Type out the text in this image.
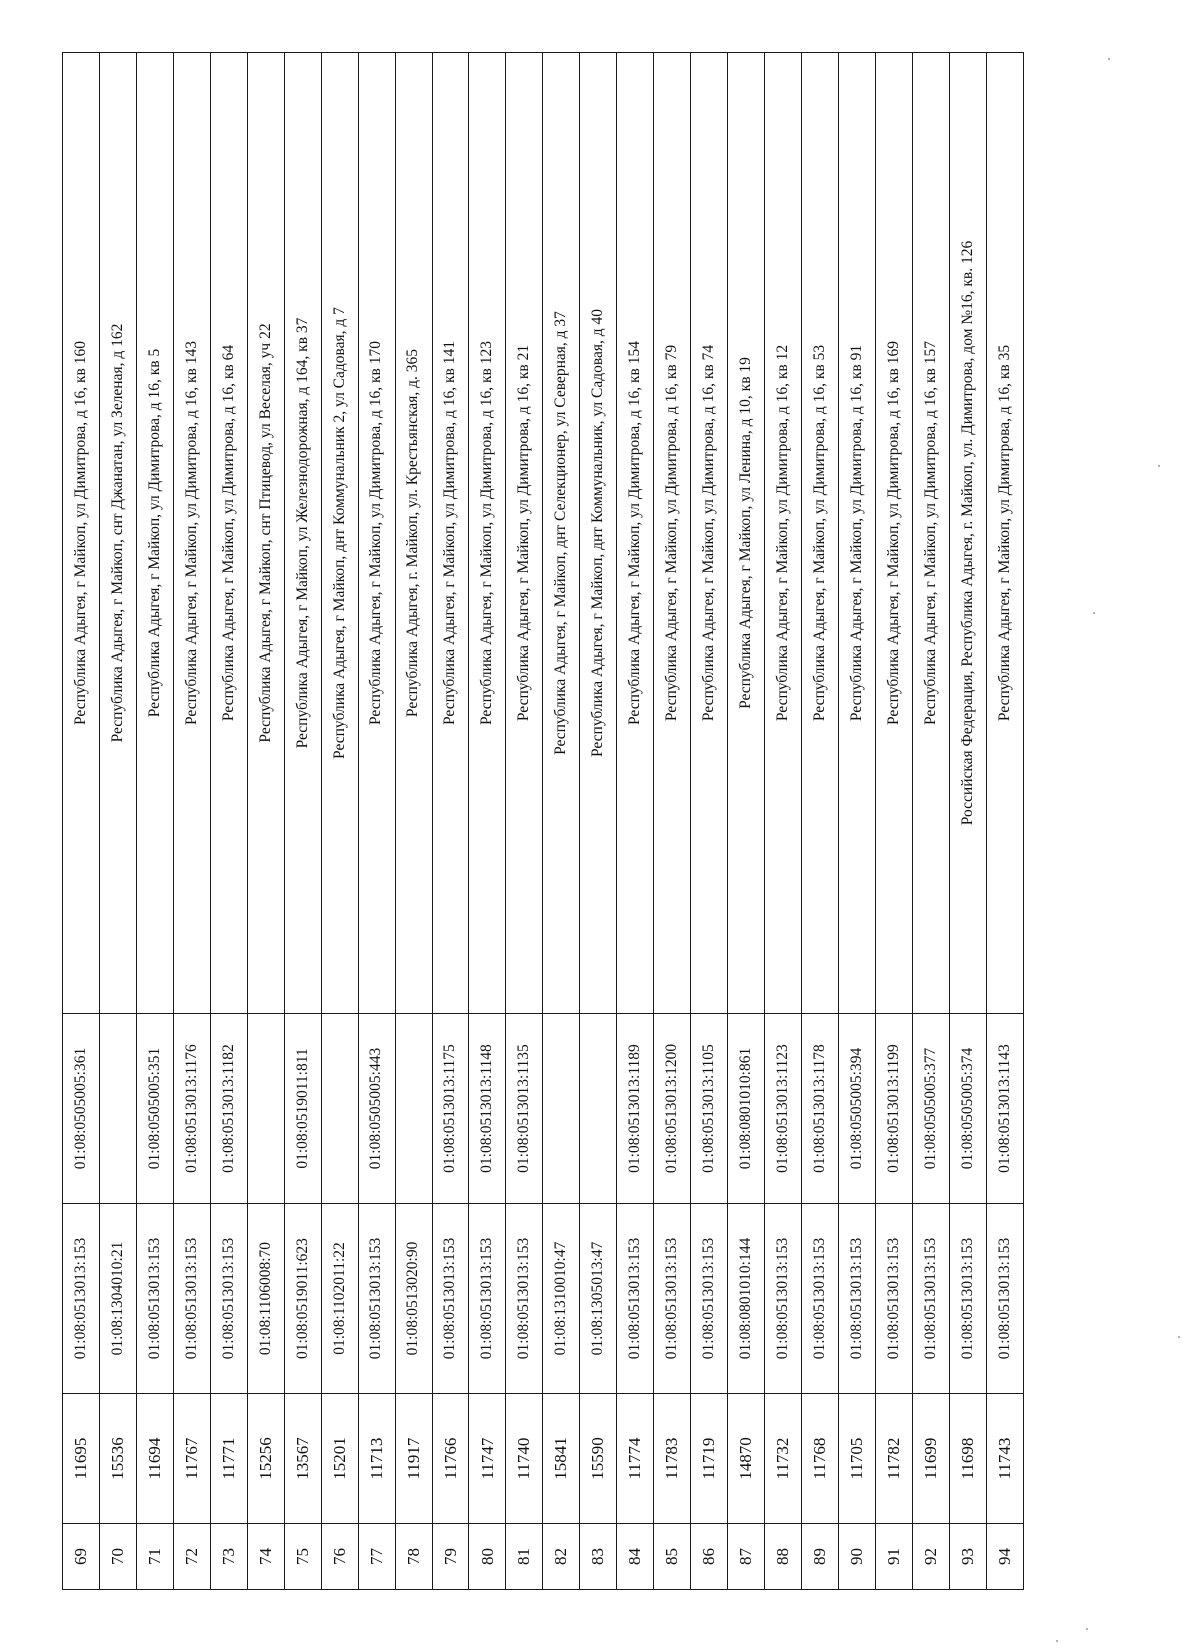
69	11695	01:08:0513013:153	01:08:0505005:361	Республика Адыгея, г Майкоп, ул Димитрова, д 16, кв 160
70	15536	01:08:1304010:21		Республика Адыгея, г Майкоп, снт Джанатан, ул Зеленая, д 162
71	11694	01:08:0513013:153	01:08:0505005:351	Республика Адыгея, г Майкоп, ул Димитрова, д 16, кв 5
72	11767	01:08:0513013:153	01:08:0513013:1176	Республика Адыгея, г Майкоп, ул Димитрова, д 16, кв 143
73	11771	01:08:0513013:153	01:08:0513013:1182	Республика Адыгея, г Майкоп, ул Димитрова, д 16, кв 64
74	15256	01:08:1106008:70		Республика Адыгея, г Майкоп, снт Птицевод, ул Веселая, уч 22
75	13567	01:08:0519011:623	01:08:0519011:811	Республика Адыгея, г Майкоп, ул Железнодорожная, д 164, кв 37
76	15201	01:08:1102011:22		Республика Адыгея, г Майкоп, днт Коммунальник 2, ул Садовая, д 7
77	11713	01:08:0513013:153	01:08:0505005:443	Республика Адыгея, г Майкоп, ул Димитрова, д 16, кв 170
78	11917	01:08:0513020:90		Республика Адыгея, г. Майкоп, ул. Крестьянская, д. 365
79	11766	01:08:0513013:153	01:08:0513013:1175	Республика Адыгея, г Майкоп, ул Димитрова, д 16, кв 141
80	11747	01:08:0513013:153	01:08:0513013:1148	Республика Адыгея, г Майкоп, ул Димитрова, д 16, кв 123
81	11740	01:08:0513013:153	01:08:0513013:1135	Республика Адыгея, г Майкоп, ул Димитрова, д 16, кв 21
82	15841	01:08:1310010:47		Республика Адыгея, г Майкоп, днт Селекционер, ул Северная, д 37
83	15590	01:08:1305013:47		Республика Адыгея, г Майкоп, днт Коммунальник, ул Садовая, д 40
84	11774	01:08:0513013:153	01:08:0513013:1189	Республика Адыгея, г Майкоп, ул Димитрова, д 16, кв 154
85	11783	01:08:0513013:153	01:08:0513013:1200	Республика Адыгея, г Майкоп, ул Димитрова, д 16, кв 79
86	11719	01:08:0513013:153	01:08:0513013:1105	Республика Адыгея, г Майкоп, ул Димитрова, д 16, кв 74
87	14870	01:08:0801010:144	01:08:0801010:861	Республика Адыгея, г Майкоп, ул Ленина, д 10, кв 19
88	11732	01:08:0513013:153	01:08:0513013:1123	Республика Адыгея, г Майкоп, ул Димитрова, д 16, кв 12
89	11768	01:08:0513013:153	01:08:0513013:1178	Республика Адыгея, г Майкоп, ул Димитрова, д 16, кв 53
90	11705	01:08:0513013:153	01:08:0505005:394	Республика Адыгея, г Майкоп, ул Димитрова, д 16, кв 91
91	11782	01:08:0513013:153	01:08:0513013:1199	Республика Адыгея, г Майкоп, ул Димитрова, д 16, кв 169
92	11699	01:08:0513013:153	01:08:0505005:377	Республика Адыгея, г Майкоп, ул Димитрова, д 16, кв 157
93	11698	01:08:0513013:153	01:08:0505005:374	Российская Федерация, Республика Адыгея, г. Майкоп, ул. Димитрова, дом №16, кв. 126
94	11743	01:08:0513013:153	01:08:0513013:1143	Республика Адыгея, г Майкоп, ул Димитрова, д 16, кв 35
